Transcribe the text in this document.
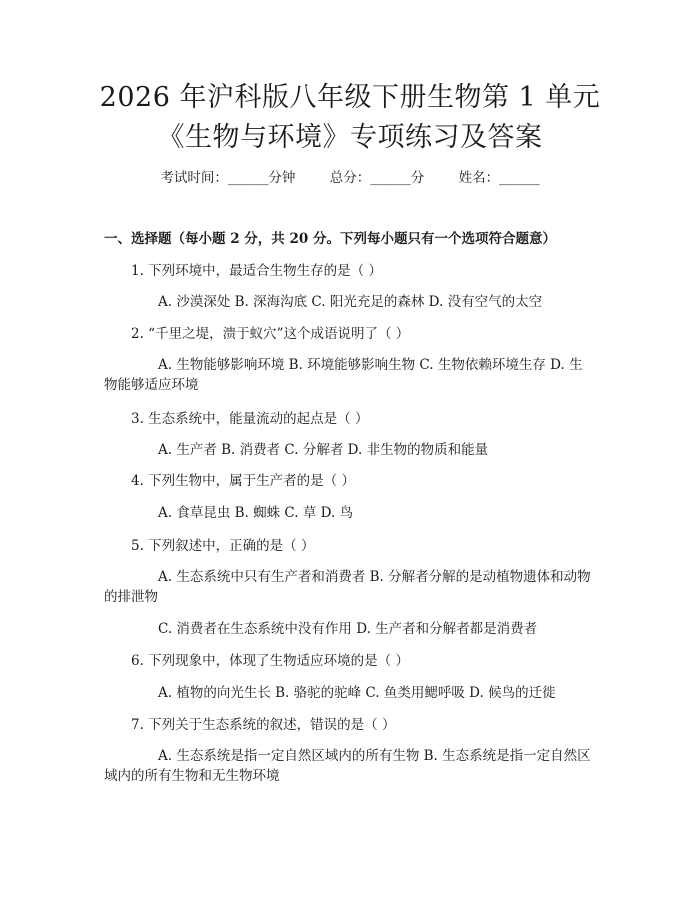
2026 年沪科版八年级下册生物第 1 单元《生物与环境》专项练习及答案
考试时间：______分钟        总分：______分        姓名：______
一、选择题（每小题 2 分，共 20 分。下列每小题只有一个选项符合题意）
1. 下列环境中，最适合生物生存的是（ ）

A. 沙漠深处 B. 深海沟底 C. 阳光充足的森林 D. 没有空气的太空

2. “千里之堤，溃于蚁穴”这个成语说明了（ ）

A. 生物能够影响环境 B. 环境能够影响生物 C. 生物依赖环境生存 D. 生物能够适应环境

3. 生态系统中，能量流动的起点是（ ）

A. 生产者 B. 消费者 C. 分解者 D. 非生物的物质和能量

4. 下列生物中，属于生产者的是（ ）

A. 食草昆虫 B. 蜘蛛 C. 草 D. 鸟

5. 下列叙述中，正确的是（ ）

A. 生态系统中只有生产者和消费者 B. 分解者分解的是动植物遗体和动物的排泄物

C. 消费者在生态系统中没有作用 D. 生产者和分解者都是消费者

6. 下列现象中，体现了生物适应环境的是（ ）

A. 植物的向光生长 B. 骆驼的驼峰 C. 鱼类用鳃呼吸 D. 候鸟的迁徙

7. 下列关于生态系统的叙述，错误的是（ ）

A. 生态系统是指一定自然区域内的所有生物 B. 生态系统是指一定自然区域内的所有生物和无生物环境
